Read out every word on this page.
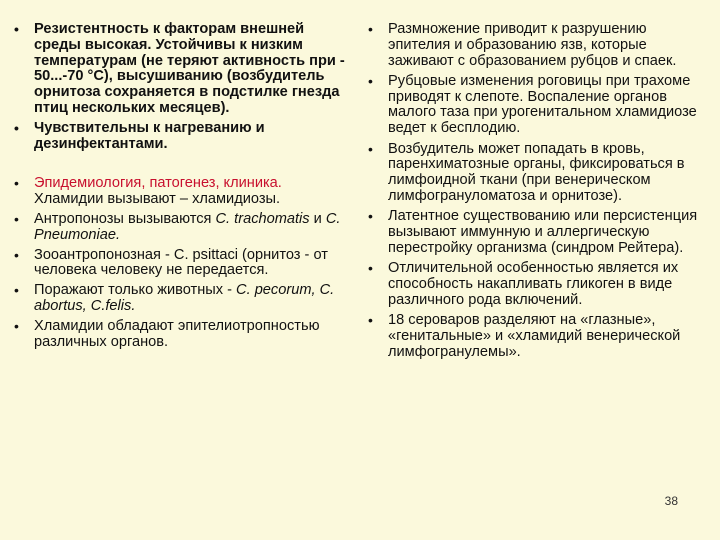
• Резистентность к факторам внешней среды высокая. Устойчивы к низким температурам (не теряют активность при - 50...-70 °С), высушиванию (возбудитель орнитоза сохраняется в подстилке гнезда птиц нескольких месяцев).
• Чувствительны к нагреванию и дезинфектантами.
• Эпидемиология, патогенез, клиника. Хламидии вызывают – хламидиозы.
• Антропонозы вызываются C. trachomatis и C. Pneumoniae.
• Зооантропонозная - C. psittaci (орнитоз - от человека человеку не передается.
• Поражают только животных - C. pecorum, C. abortus, C.felis.
• Хламидии обладают эпителиотропностью различных органов.
• Размножение приводит к разрушению эпителия и образованию язв, которые заживают с образованием рубцов и спаек.
• Рубцовые изменения роговицы при трахоме приводят к слепоте. Воспаление органов малого таза при урогенитальном хламидиозе ведет к бесплодию.
• Возбудитель может попадать в кровь, паренхиматозные органы, фиксироваться в лимфоидной ткани (при венерическом лимфогрануломатоза и орнитозе).
• Латентное существованию или персистенция вызывают иммунную и аллергическую перестройку организма (синдром Рейтера).
• Отличительной особенностью является их способность накапливать гликоген в виде различного рода включений.
• 18 сероваров разделяют на «глазные», «генитальные» и «хламидий венерической лимфогранулемы».
38
